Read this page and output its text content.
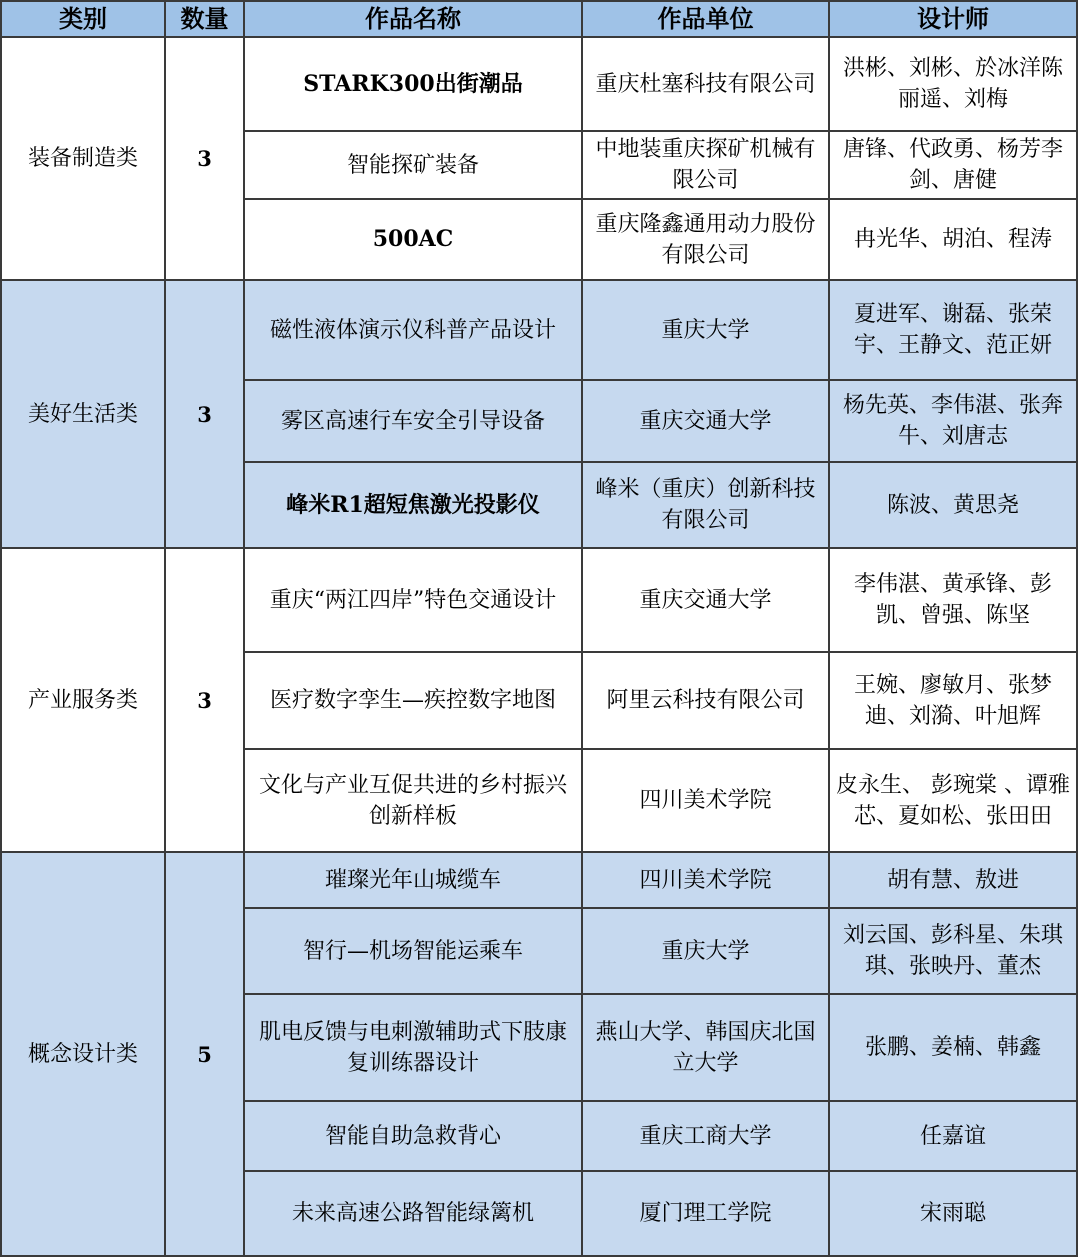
类别	数量	作品名称	作品单位	设计师
装备制造类	3	STARK300出街潮品	重庆杜塞科技有限公司	洪彬、刘彬、於冰洋陈丽遥、刘梅
		智能探矿装备	中地装重庆探矿机械有限公司	唐锋、代政勇、杨芳李剑、唐健
		500AC	重庆隆鑫通用动力股份有限公司	冉光华、胡泊、程涛
美好生活类	3	磁性液体演示仪科普产品设计	重庆大学	夏进军、谢磊、张荣宇、王静文、范正妍
		雾区高速行车安全引导设备	重庆交通大学	杨先英、李伟湛、张奔牛、刘唐志
		峰米R1超短焦激光投影仪	峰米（重庆）创新科技有限公司	陈波、黄思尧
产业服务类	3	重庆“两江四岸”特色交通设计	重庆交通大学	李伟湛、黄承锋、彭凯、曾强、陈坚
		医疗数字孪生—疾控数字地图	阿里云科技有限公司	王婉、廖敏月、张梦迪、刘漪、叶旭辉
		文化与产业互促共进的乡村振兴创新样板	四川美术学院	皮永生、 彭琬棠 、谭雅芯、夏如松、张田田
概念设计类	5	璀璨光年山城缆车	四川美术学院	胡有慧、敖进
		智行—机场智能运乘车	重庆大学	刘云国、彭科星、朱琪琪、张映丹、董杰
		肌电反馈与电刺激辅助式下肢康复训练器设计	燕山大学、韩国庆北国立大学	张鹏、姜楠、韩鑫
		智能自助急救背心	重庆工商大学	任嘉谊
		未来高速公路智能绿篱机	厦门理工学院	宋雨聪
